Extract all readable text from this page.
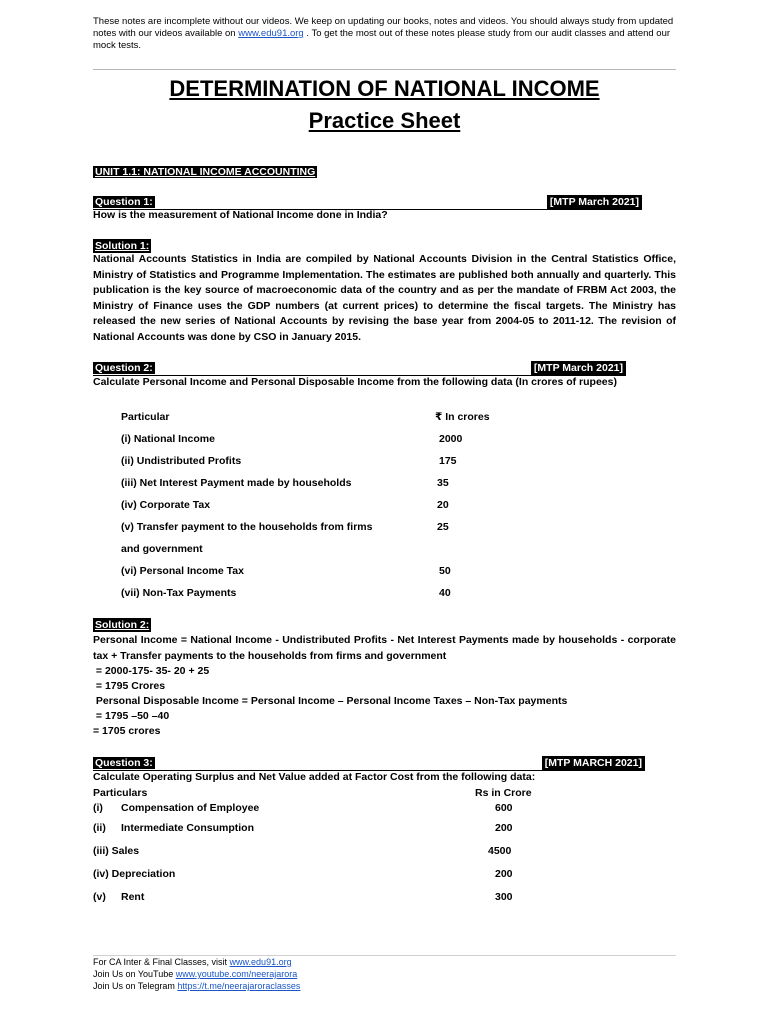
These notes are incomplete without our videos. We keep on updating our books, notes and videos. You should always study from updated notes with our videos available on www.edu91.org . To get the most out of these notes please study from our audit classes and attend our mock tests.
DETERMINATION OF NATIONAL INCOME
Practice Sheet
UNIT 1.1: NATIONAL INCOME ACCOUNTING
Question 1:	[MTP March 2021]
How is the measurement of National Income done in India?
Solution 1:
National Accounts Statistics in India are compiled by National Accounts Division in the Central Statistics Office, Ministry of Statistics and Programme Implementation. The estimates are published both annually and quarterly. This publication is the key source of macroeconomic data of the country and as per the mandate of FRBM Act 2003, the Ministry of Finance uses the GDP numbers (at current prices) to determine the fiscal targets. The Ministry has released the new series of National Accounts by revising the base year from 2004-05 to 2011-12. The revision of National Accounts was done by CSO in January 2015.
Question 2:	[MTP March 2021]
Calculate Personal Income and Personal Disposable Income from the following data (In crores of rupees)
Particular	₹ In crores
(i) National Income	2000
(ii) Undistributed Profits	175
(iii) Net Interest Payment made by households	35
(iv) Corporate Tax	20
(v) Transfer payment to the households from firms	25
and government
(vi) Personal Income Tax	50
(vii) Non-Tax Payments	40
Solution 2:
Personal Income = National Income - Undistributed Profits - Net Interest Payments made by households - corporate tax + Transfer payments to the households from firms and government
= 2000-175- 35- 20 + 25
= 1795 Crores
Personal Disposable Income = Personal Income – Personal Income Taxes – Non-Tax payments
= 1795 –50 –40
= 1705 crores
Question 3:	[MTP MARCH 2021]
Calculate Operating Surplus and Net Value added at Factor Cost from the following data:
Particulars	Rs in Crore
(i) Compensation of Employee	600
(ii) Intermediate Consumption	200
(iii) Sales	4500
(iv) Depreciation	200
(v) Rent	300
For CA Inter & Final Classes, visit www.edu91.org
Join Us on YouTube www.youtube.com/neerajarora
Join Us on Telegram https://t.me/neerajaroraclasses
